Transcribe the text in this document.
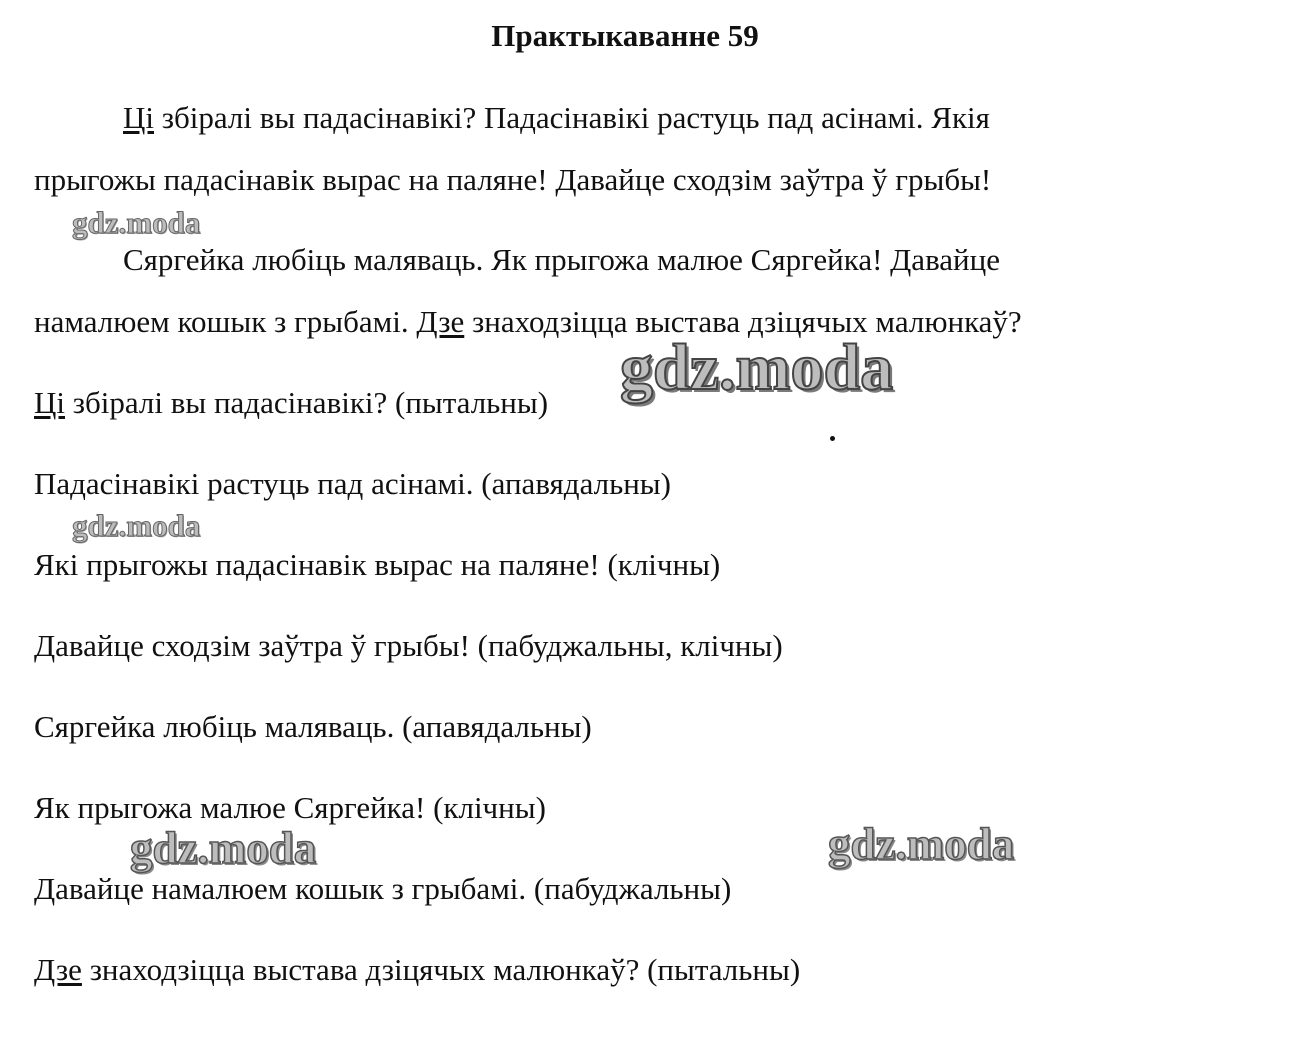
Практыкаванне 59
Ці збіралі вы падасінавікі? Падасінавікі растуць пад асінамі. Якія
прыгожы падасінавік вырас на паляне! Давайце сходзім заўтра ў грыбы!
Сяргейка любіць маляваць. Як прыгожа малюе Сяргейка! Давайце
намалюем кошык з грыбамі. Дзе знаходзіцца выстава дзіцячых малюнкаў?
Ці збіралі вы падасінавікі? (пытальны)
Падасінавікі растуць пад асінамі. (апавядальны)
Які прыгожы падасінавік вырас на паляне! (клічны)
Давайце сходзім заўтра ў грыбы! (пабуджальны, клічны)
Сяргейка любіць маляваць. (апавядальны)
Як прыгожа малюе Сяргейка! (клічны)
Давайце намалюем кошык з грыбамі. (пабуджальны)
Дзе знаходзіцца выстава дзіцячых малюнкаў? (пытальны)
gdz.moda
gdz.moda
gdz.moda
gdz.moda	gdz.moda
